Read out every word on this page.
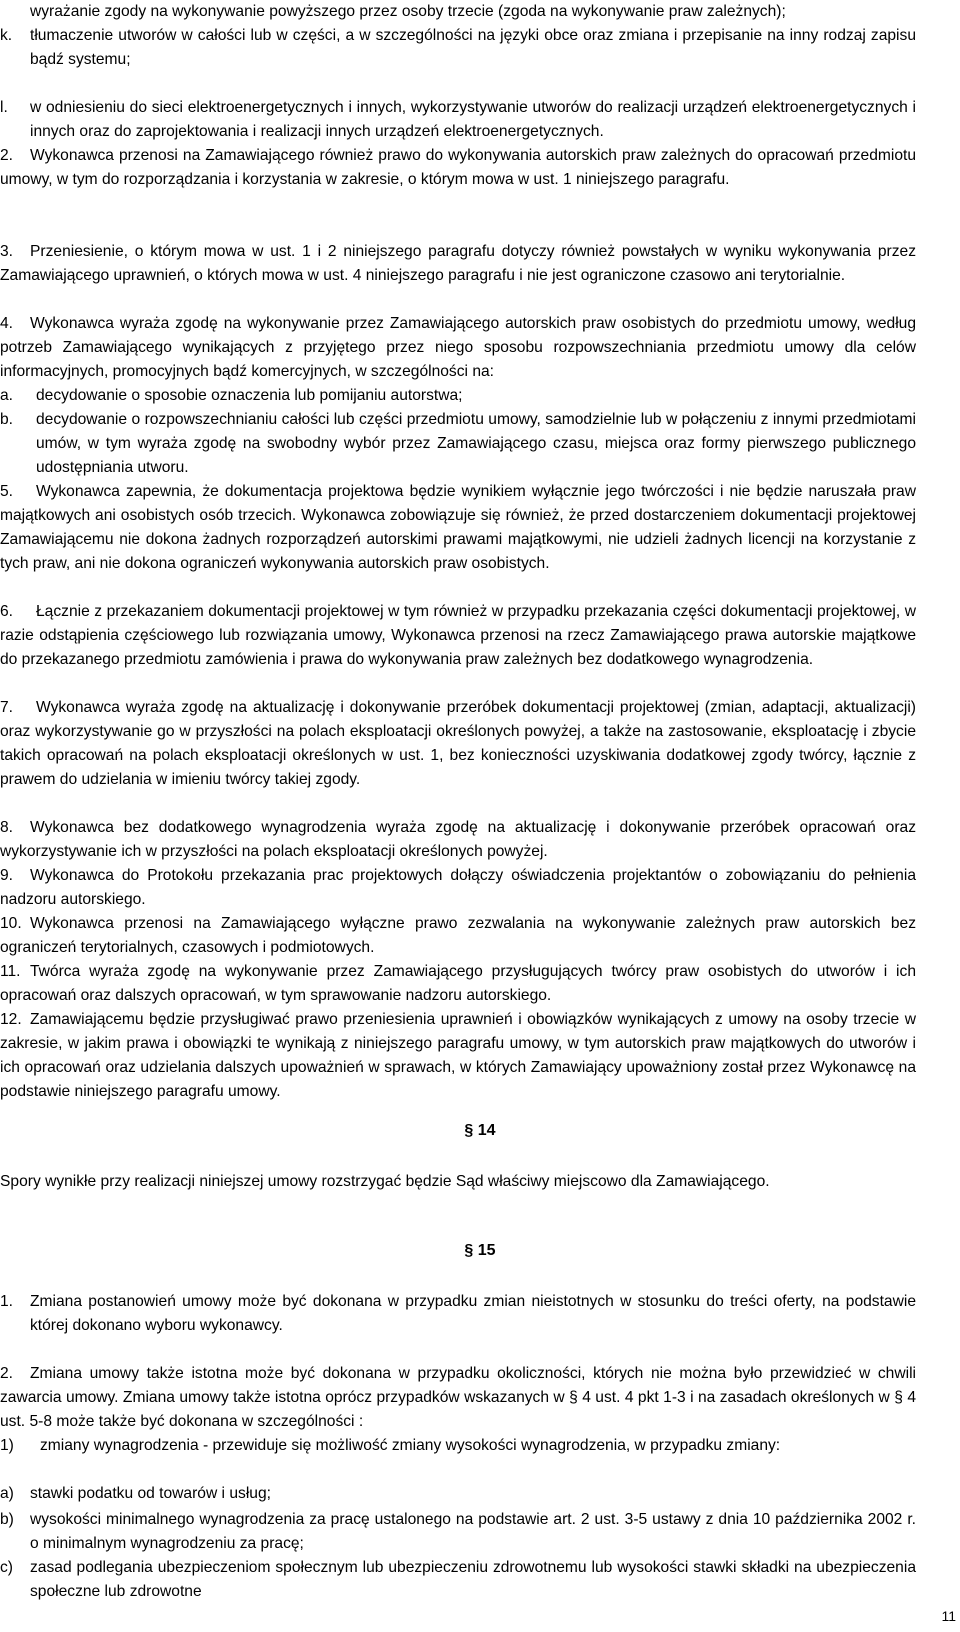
wyrażanie zgody na wykonywanie powyższego przez osoby trzecie (zgoda na wykonywanie praw zależnych);
k.	tłumaczenie utworów w całości lub w części, a w szczególności na języki obce oraz zmiana i przepisanie na inny rodzaj zapisu bądź systemu;
l.	w odniesieniu do sieci elektroenergetycznych i innych, wykorzystywanie utworów do realizacji urządzeń elektroenergetycznych i innych oraz do zaprojektowania i realizacji innych urządzeń elektroenergetycznych.
2.	Wykonawca przenosi na Zamawiającego również prawo do wykonywania autorskich praw zależnych do opracowań przedmiotu umowy, w tym do rozporządzania i korzystania w zakresie, o którym mowa w ust. 1 niniejszego paragrafu.
3.	Przeniesienie, o którym mowa w ust. 1 i 2 niniejszego paragrafu dotyczy również powstałych w wyniku wykonywania przez Zamawiającego uprawnień, o których mowa w ust. 4 niniejszego paragrafu i nie jest ograniczone czasowo ani terytorialnie.
4.	Wykonawca wyraża zgodę na wykonywanie przez Zamawiającego autorskich praw osobistych do przedmiotu umowy, według potrzeb Zamawiającego wynikających z przyjętego przez niego sposobu rozpowszechniania przedmiotu umowy dla celów informacyjnych, promocyjnych bądź komercyjnych, w szczególności na:
a.	decydowanie o sposobie oznaczenia lub pomijaniu autorstwa;
b.	decydowanie o rozpowszechnianiu całości lub części przedmiotu umowy, samodzielnie lub w połączeniu z innymi przedmiotami umów, w tym wyraża zgodę na swobodny wybór przez Zamawiającego czasu, miejsca oraz formy pierwszego publicznego udostępniania utworu.
5.	Wykonawca zapewnia, że dokumentacja projektowa będzie wynikiem wyłącznie jego twórczości i nie będzie naruszała praw majątkowych ani osobistych osób trzecich. Wykonawca zobowiązuje się również, że przed dostarczeniem dokumentacji projektowej Zamawiającemu nie dokona żadnych rozporządzeń autorskimi prawami majątkowymi, nie udzieli żadnych licencji na korzystanie z tych praw, ani nie dokona ograniczeń wykonywania autorskich praw osobistych.
6.	Łącznie z przekazaniem dokumentacji projektowej w tym również w przypadku przekazania części dokumentacji projektowej, w razie odstąpienia częściowego lub rozwiązania umowy, Wykonawca przenosi na rzecz Zamawiającego prawa autorskie majątkowe do przekazanego przedmiotu zamówienia i prawa do wykonywania praw zależnych bez dodatkowego wynagrodzenia.
7.	Wykonawca wyraża zgodę na aktualizację i dokonywanie przeróbek dokumentacji projektowej (zmian, adaptacji, aktualizacji) oraz wykorzystywanie go w przyszłości na polach eksploatacji określonych powyżej, a także na zastosowanie, eksploatację i zbycie takich opracowań na polach eksploatacji określonych w ust. 1, bez konieczności uzyskiwania dodatkowej zgody twórcy, łącznie z prawem do udzielania w imieniu twórcy takiej zgody.
8.	Wykonawca bez dodatkowego wynagrodzenia wyraża zgodę na aktualizację i dokonywanie przeróbek opracowań oraz wykorzystywanie ich w przyszłości na polach eksploatacji określonych powyżej.
9.	Wykonawca do Protokołu przekazania prac projektowych dołączy oświadczenia projektantów o zobowiązaniu do pełnienia nadzoru autorskiego.
10. Wykonawca przenosi na Zamawiającego wyłączne prawo zezwalania na wykonywanie zależnych praw autorskich bez ograniczeń terytorialnych, czasowych i podmiotowych.
11. Twórca wyraża zgodę na wykonywanie przez Zamawiającego przysługujących twórcy praw osobistych do utworów i ich opracowań oraz dalszych opracowań, w tym sprawowanie nadzoru autorskiego.
12. Zamawiającemu będzie przysługiwać prawo przeniesienia uprawnień i obowiązków wynikających z umowy na osoby trzecie w zakresie, w jakim prawa i obowiązki te wynikają z niniejszego paragrafu umowy, w tym autorskich praw majątkowych do utworów i ich opracowań oraz udzielania dalszych upoważnień w sprawach, w których Zamawiający upoważniony został przez Wykonawcę na podstawie niniejszego paragrafu umowy.
§ 14
Spory wynikłe przy realizacji niniejszej umowy rozstrzygać będzie Sąd właściwy miejscowo dla Zamawiającego.
§ 15
1.	Zmiana postanowień umowy może być dokonana w przypadku zmian nieistotnych w stosunku do treści oferty, na podstawie której dokonano wyboru wykonawcy.
2.	Zmiana umowy także istotna może być dokonana w przypadku okoliczności, których nie można było przewidzieć w chwili zawarcia umowy. Zmiana umowy także istotna oprócz przypadków wskazanych w § 4 ust. 4 pkt 1-3 i na zasadach określonych w § 4 ust. 5-8 może także być dokonana w szczególności :
1)	zmiany wynagrodzenia - przewiduje się możliwość zmiany wysokości wynagrodzenia, w przypadku zmiany:
a)	stawki podatku od towarów i usług;
b)	wysokości minimalnego wynagrodzenia za pracę ustalonego na podstawie art. 2 ust. 3-5 ustawy z dnia 10 października 2002 r. o minimalnym wynagrodzeniu za pracę;
c)	zasad podlegania ubezpieczeniom społecznym lub ubezpieczeniu zdrowotnemu lub wysokości stawki składki na ubezpieczenia społeczne lub zdrowotne
11
